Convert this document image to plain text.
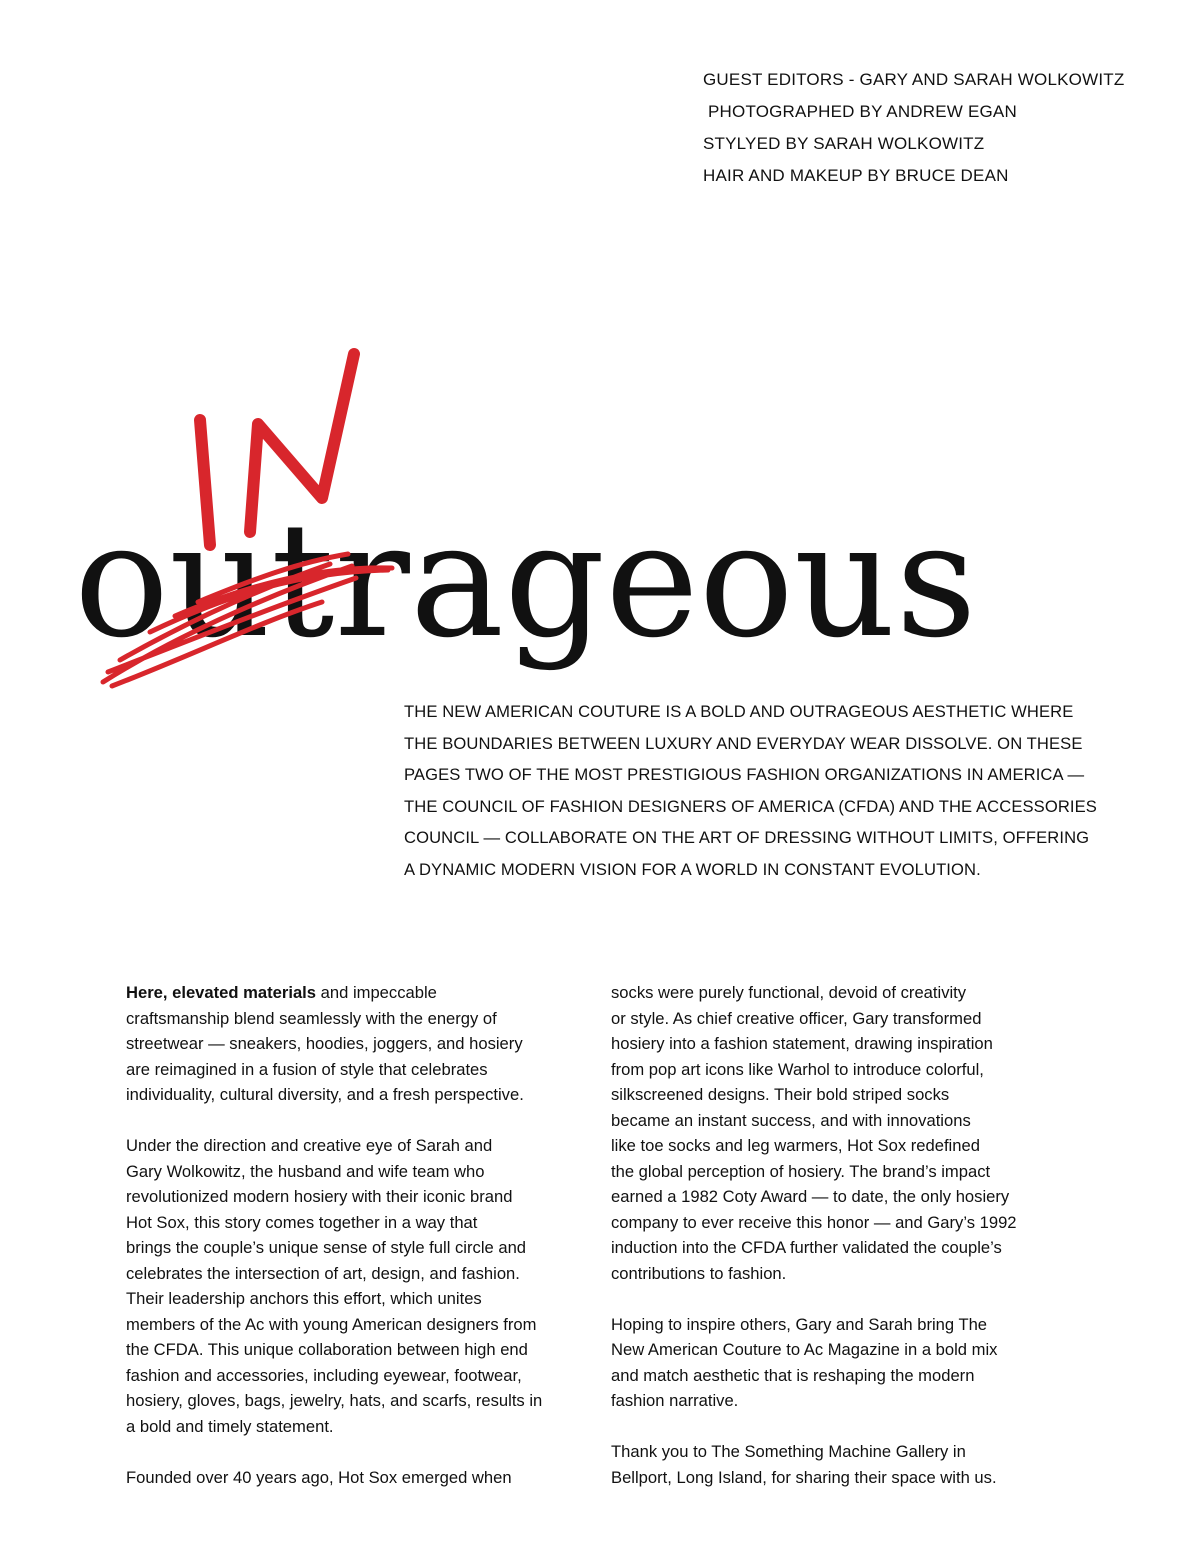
GUEST EDITORS - GARY AND SARAH WOLKOWITZ
PHOTOGRAPHED BY ANDREW EGAN
STYLYED BY SARAH WOLKOWITZ
HAIR AND MAKEUP BY BRUCE DEAN
outrageous
THE NEW AMERICAN COUTURE IS A BOLD AND OUTRAGEOUS AESTHETIC WHERE
THE BOUNDARIES BETWEEN LUXURY AND EVERYDAY WEAR DISSOLVE. ON THESE
PAGES TWO OF THE MOST PRESTIGIOUS FASHION ORGANIZATIONS IN AMERICA —
THE COUNCIL OF FASHION DESIGNERS OF AMERICA (CFDA) AND THE ACCESSORIES
COUNCIL — COLLABORATE ON THE ART OF DRESSING WITHOUT LIMITS, OFFERING
A DYNAMIC MODERN VISION FOR A WORLD IN CONSTANT EVOLUTION.

Here, elevated materials and impeccable
craftsmanship blend seamlessly with the energy of
streetwear — sneakers, hoodies, joggers, and hosiery
are reimagined in a fusion of style that celebrates
individuality, cultural diversity, and a fresh perspective.

Under the direction and creative eye of Sarah and
Gary Wolkowitz, the husband and wife team who
revolutionized modern hosiery with their iconic brand
Hot Sox, this story comes together in a way that
brings the couple’s unique sense of style full circle and
celebrates the intersection of art, design, and fashion.
Their leadership anchors this effort, which unites
members of the Ac with young American designers from
the CFDA. This unique collaboration between high end
fashion and accessories, including eyewear, footwear,
hosiery, gloves, bags, jewelry, hats, and scarfs, results in
a bold and timely statement.

Founded over 40 years ago, Hot Sox emerged when

socks were purely functional, devoid of creativity
or style. As chief creative officer, Gary transformed
hosiery into a fashion statement, drawing inspiration
from pop art icons like Warhol to introduce colorful,
silkscreened designs. Their bold striped socks
became an instant success, and with innovations
like toe socks and leg warmers, Hot Sox redefined
the global perception of hosiery. The brand’s impact
earned a 1982 Coty Award — to date, the only hosiery
company to ever receive this honor — and Gary’s 1992
induction into the CFDA further validated the couple’s
contributions to fashion.

Hoping to inspire others, Gary and Sarah bring The
New American Couture to Ac Magazine in a bold mix
and match aesthetic that is reshaping the modern
fashion narrative.

Thank you to The Something Machine Gallery in
Bellport, Long Island, for sharing their space with us.
